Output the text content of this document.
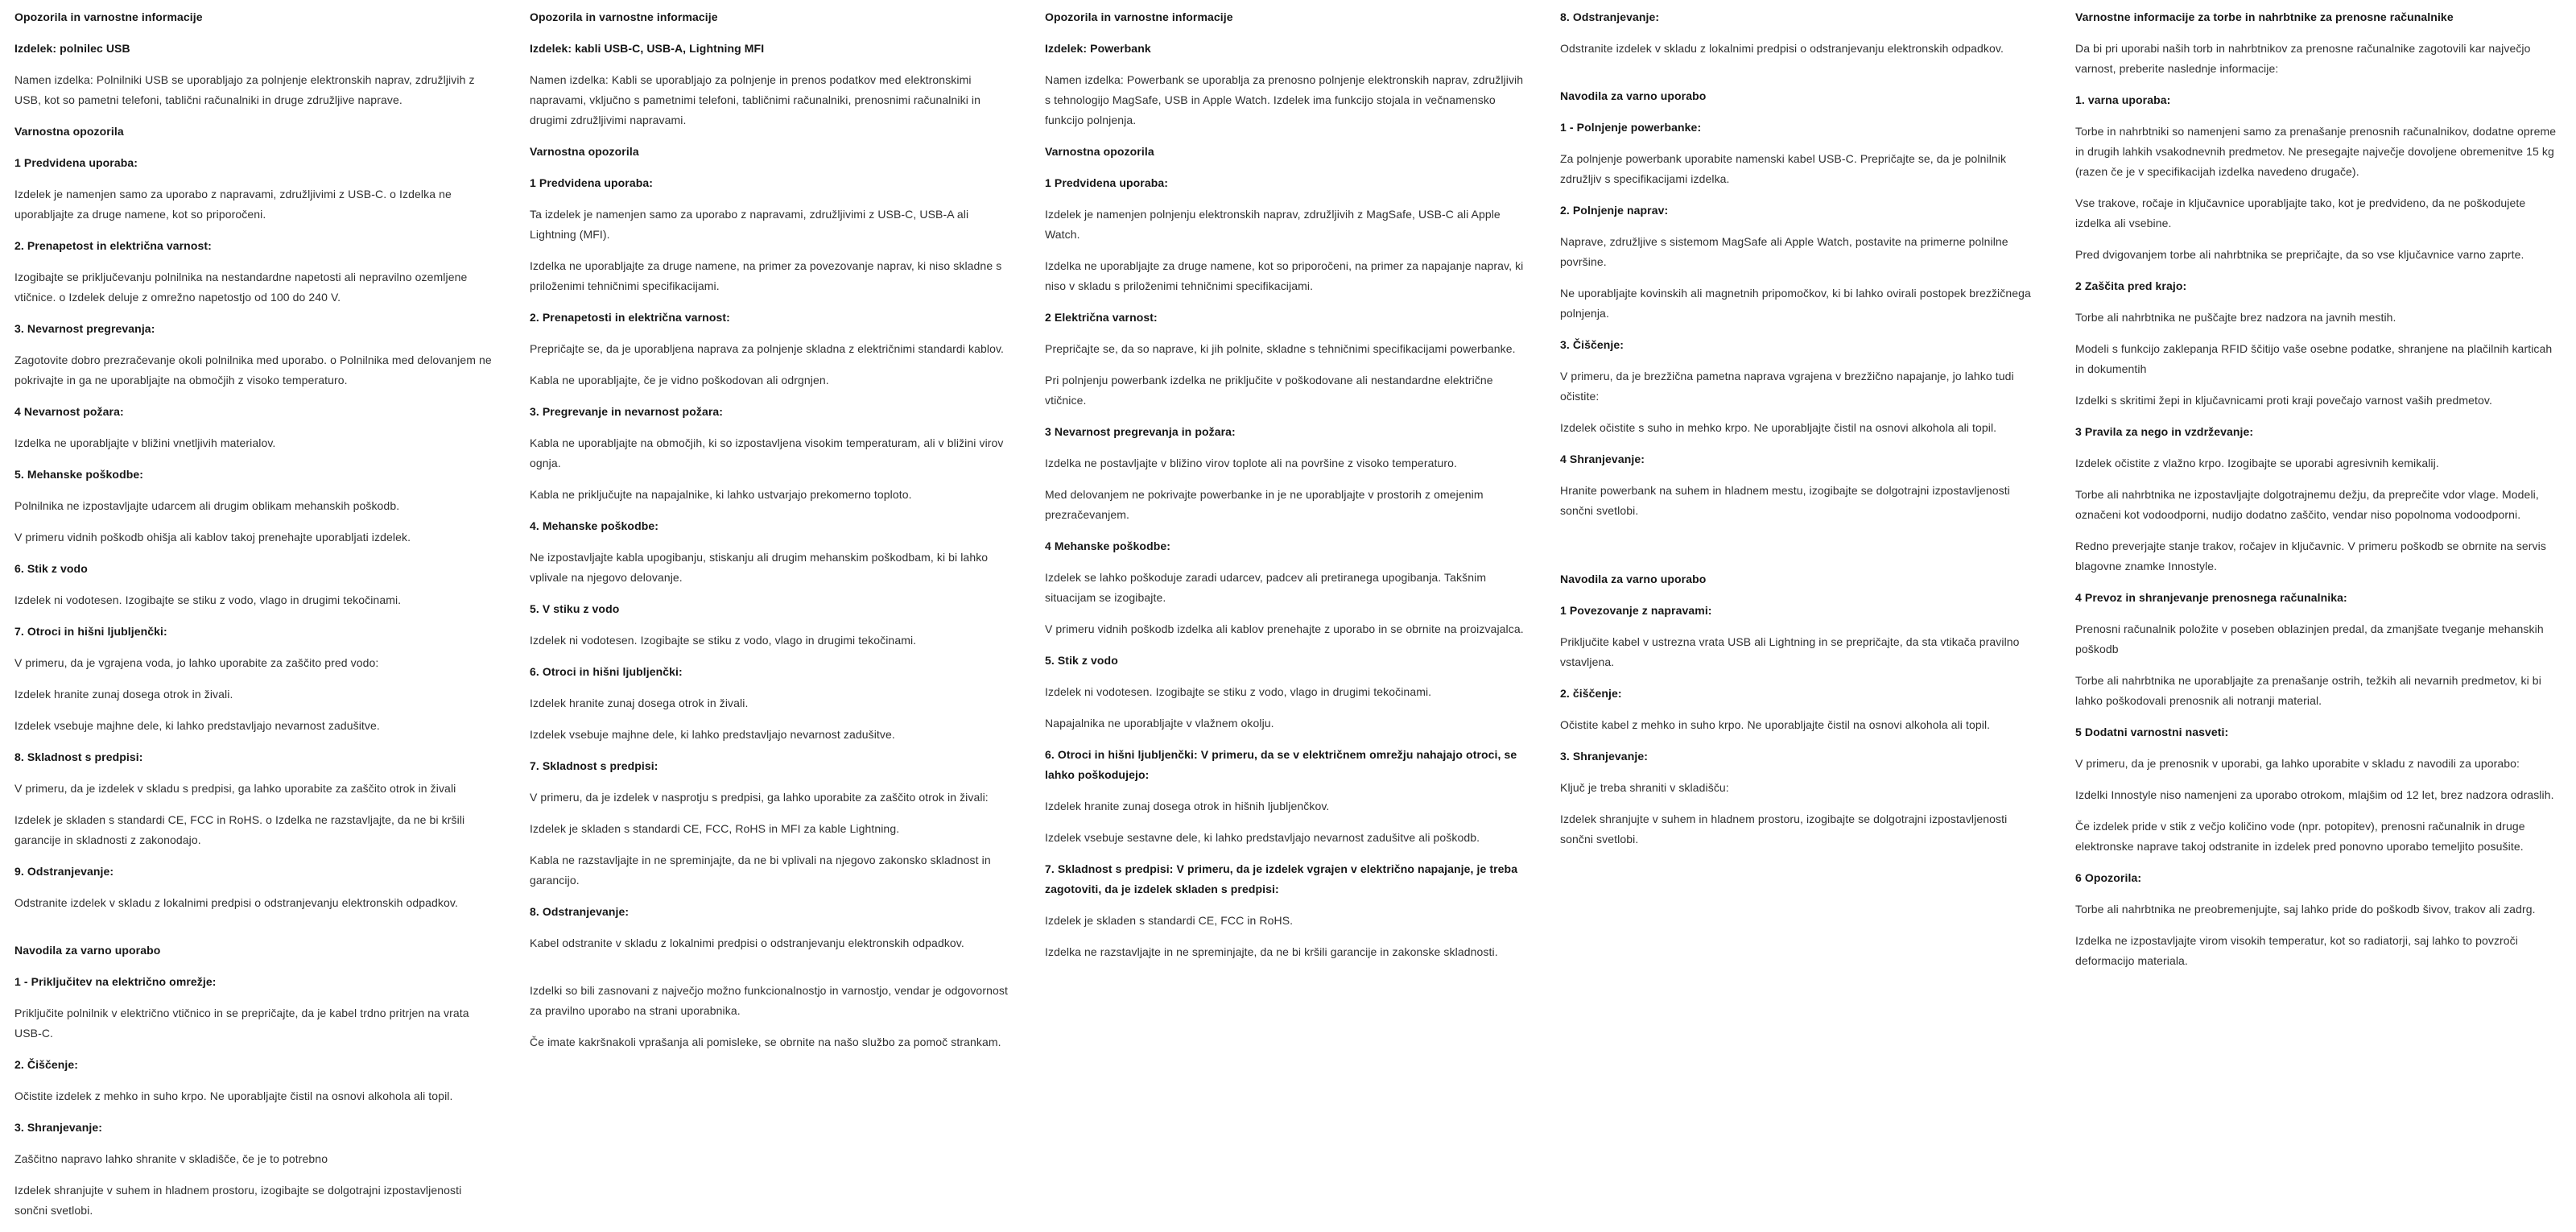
Opozorila in varnostne informacije
Izdelek: polnilec USB
Namen izdelka: Polnilniki USB se uporabljajo za polnjenje elektronskih naprav, združljivih z USB, kot so pametni telefoni, tablični računalniki in druge združljive naprave.
Varnostna opozorila
1 Predvidena uporaba:
Izdelek je namenjen samo za uporabo z napravami, združljivimi z USB-C. o Izdelka ne uporabljajte za druge namene, kot so priporočeni.
2. Prenapetost in električna varnost:
Izogibajte se priključevanju polnilnika na nestandardne napetosti ali nepravilno ozemljene vtičnice. o Izdelek deluje z omrežno napetostjo od 100 do 240 V.
3. Nevarnost pregrevanja:
Zagotovite dobro prezračevanje okoli polnilnika med uporabo. o Polnilnika med delovanjem ne pokrivajte in ga ne uporabljajte na območjih z visoko temperaturo.
4 Nevarnost požara:
Izdelka ne uporabljajte v bližini vnetljivih materialov.
5. Mehanske poškodbe:
Polnilnika ne izpostavljajte udarcem ali drugim oblikam mehanskih poškodb.
V primeru vidnih poškodb ohišja ali kablov takoj prenehajte uporabljati izdelek.
6. Stik z vodo
Izdelek ni vodotesen. Izogibajte se stiku z vodo, vlago in drugimi tekočinami.
7. Otroci in hišni ljubljenčki:
V primeru, da je vgrajena voda, jo lahko uporabite za zaščito pred vodo:
Izdelek hranite zunaj dosega otrok in živali.
Izdelek vsebuje majhne dele, ki lahko predstavljajo nevarnost zadušitve.
8. Skladnost s predpisi:
V primeru, da je izdelek v skladu s predpisi, ga lahko uporabite za zaščito otrok in živali
Izdelek je skladen s standardi CE, FCC in RoHS. o Izdelka ne razstavljajte, da ne bi kršili garancije in skladnosti z zakonodajo.
9. Odstranjevanje:
Odstranite izdelek v skladu z lokalnimi predpisi o odstranjevanju elektronskih odpadkov.
Navodila za varno uporabo
1 - Priključitev na električno omrežje:
Priključite polnilnik v električno vtičnico in se prepričajte, da je kabel trdno pritrjen na vrata USB-C.
2. Čiščenje:
Očistite izdelek z mehko in suho krpo. Ne uporabljajte čistil na osnovi alkohola ali topil.
3. Shranjevanje:
Zaščitno napravo lahko shranite v skladišče, če je to potrebno
Izdelek shranjujte v suhem in hladnem prostoru, izogibajte se dolgotrajni izpostavljenosti sončni svetlobi.
Opozorila in varnostne informacije
Izdelek: kabli USB-C, USB-A, Lightning MFI
Namen izdelka: Kabli se uporabljajo za polnjenje in prenos podatkov med elektronskimi napravami, vključno s pametnimi telefoni, tabličnimi računalniki, prenosnimi računalniki in drugimi združljivimi napravami.
Varnostna opozorila
1 Predvidena uporaba:
Ta izdelek je namenjen samo za uporabo z napravami, združljivimi z USB-C, USB-A ali Lightning (MFI).
Izdelka ne uporabljajte za druge namene, na primer za povezovanje naprav, ki niso skladne s priloženimi tehničnimi specifikacijami.
2. Prenapetosti in električna varnost:
Prepričajte se, da je uporabljena naprava za polnjenje skladna z električnimi standardi kablov.
Kabla ne uporabljajte, če je vidno poškodovan ali odrgnjen.
3. Pregrevanje in nevarnost požara:
Kabla ne uporabljajte na območjih, ki so izpostavljena visokim temperaturam, ali v bližini virov ognja.
Kabla ne priključujte na napajalnike, ki lahko ustvarjajo prekomerno toploto.
4. Mehanske poškodbe:
Ne izpostavljajte kabla upogibanju, stiskanju ali drugim mehanskim poškodbam, ki bi lahko vplivale na njegovo delovanje.
5. V stiku z vodo
Izdelek ni vodotesen. Izogibajte se stiku z vodo, vlago in drugimi tekočinami.
6. Otroci in hišni ljubljenčki:
Izdelek hranite zunaj dosega otrok in živali.
Izdelek vsebuje majhne dele, ki lahko predstavljajo nevarnost zadušitve.
7. Skladnost s predpisi:
V primeru, da je izdelek v nasprotju s predpisi, ga lahko uporabite za zaščito otrok in živali:
Izdelek je skladen s standardi CE, FCC, RoHS in MFI za kable Lightning.
Kabla ne razstavljajte in ne spreminjajte, da ne bi vplivali na njegovo zakonsko skladnost in garancijo.
8. Odstranjevanje:
Kabel odstranite v skladu z lokalnimi predpisi o odstranjevanju elektronskih odpadkov.
Izdelki so bili zasnovani z največjo možno funkcionalnostjo in varnostjo, vendar je odgovornost za pravilno uporabo na strani uporabnika.
Če imate kakršnakoli vprašanja ali pomisleke, se obrnite na našo službo za pomoč strankam.
Opozorila in varnostne informacije
Izdelek: Powerbank
Namen izdelka: Powerbank se uporablja za prenosno polnjenje elektronskih naprav, združljivih s tehnologijo MagSafe, USB in Apple Watch. Izdelek ima funkcijo stojala in večnamensko funkcijo polnjenja.
Varnostna opozorila
1 Predvidena uporaba:
Izdelek je namenjen polnjenju elektronskih naprav, združljivih z MagSafe, USB-C ali Apple Watch.
Izdelka ne uporabljajte za druge namene, kot so priporočeni, na primer za napajanje naprav, ki niso v skladu s priloženimi tehničnimi specifikacijami.
2 Električna varnost:
Prepričajte se, da so naprave, ki jih polnite, skladne s tehničnimi specifikacijami powerbanke.
Pri polnjenju powerbank izdelka ne priključite v poškodovane ali nestandardne električne vtičnice.
3 Nevarnost pregrevanja in požara:
Izdelka ne postavljajte v bližino virov toplote ali na površine z visoko temperaturo.
Med delovanjem ne pokrivajte powerbanke in je ne uporabljajte v prostorih z omejenim prezračevanjem.
4 Mehanske poškodbe:
Izdelek se lahko poškoduje zaradi udarcev, padcev ali pretiranega upogibanja. Takšnim situacijam se izogibajte.
V primeru vidnih poškodb izdelka ali kablov prenehajte z uporabo in se obrnite na proizvajalca.
5. Stik z vodo
Izdelek ni vodotesen. Izogibajte se stiku z vodo, vlago in drugimi tekočinami.
Napajalnika ne uporabljajte v vlažnem okolju.
6. Otroci in hišni ljubljenčki: V primeru, da se v električnem omrežju nahajajo otroci, se lahko poškodujejo:
Izdelek hranite zunaj dosega otrok in hišnih ljubljenčkov.
Izdelek vsebuje sestavne dele, ki lahko predstavljajo nevarnost zadušitve ali poškodb.
7. Skladnost s predpisi: V primeru, da je izdelek vgrajen v električno napajanje, je treba zagotoviti, da je izdelek skladen s predpisi:
Izdelek je skladen s standardi CE, FCC in RoHS.
Izdelka ne razstavljajte in ne spreminjajte, da ne bi kršili garancije in zakonske skladnosti.
8. Odstranjevanje:
Odstranite izdelek v skladu z lokalnimi predpisi o odstranjevanju elektronskih odpadkov.
Navodila za varno uporabo
1 - Polnjenje powerbanke:
Za polnjenje powerbank uporabite namenski kabel USB-C. Prepričajte se, da je polnilnik združljiv s specifikacijami izdelka.
2. Polnjenje naprav:
Naprave, združljive s sistemom MagSafe ali Apple Watch, postavite na primerne polnilne površine.
Ne uporabljajte kovinskih ali magnetnih pripomočkov, ki bi lahko ovirali postopek brezžičnega polnjenja.
3. Čiščenje:
V primeru, da je brezžična pametna naprava vgrajena v brezžično napajanje, jo lahko tudi očistite:
Izdelek očistite s suho in mehko krpo. Ne uporabljajte čistil na osnovi alkohola ali topil.
4 Shranjevanje:
Hranite powerbank na suhem in hladnem mestu, izogibajte se dolgotrajni izpostavljenosti sončni svetlobi.
Navodila za varno uporabo
1 Povezovanje z napravami:
Priključite kabel v ustrezna vrata USB ali Lightning in se prepričajte, da sta vtikača pravilno vstavljena.
2. čiščenje:
Očistite kabel z mehko in suho krpo. Ne uporabljajte čistil na osnovi alkohola ali topil.
3. Shranjevanje:
Ključ je treba shraniti v skladišču:
Izdelek shranjujte v suhem in hladnem prostoru, izogibajte se dolgotrajni izpostavljenosti sončni svetlobi.
Varnostne informacije za torbe in nahrbtnike za prenosne računalnike
Da bi pri uporabi naših torb in nahrbtnikov za prenosne računalnike zagotovili kar največjo varnost, preberite naslednje informacije:
1. varna uporaba:
Torbe in nahrbtniki so namenjeni samo za prenašanje prenosnih računalnikov, dodatne opreme in drugih lahkih vsakodnevnih predmetov. Ne presegajte največje dovoljene obremenitve 15 kg (razen če je v specifikacijah izdelka navedeno drugače).
Vse trakove, ročaje in ključavnice uporabljajte tako, kot je predvideno, da ne poškodujete izdelka ali vsebine.
Pred dvigovanjem torbe ali nahrbtnika se prepričajte, da so vse ključavnice varno zaprte.
2 Zaščita pred krajo:
Torbe ali nahrbtnika ne puščajte brez nadzora na javnih mestih.
Modeli s funkcijo zaklepanja RFID ščitijo vaše osebne podatke, shranjene na plačilnih karticah in dokumentih
Izdelki s skritimi žepi in ključavnicami proti kraji povečajo varnost vaših predmetov.
3 Pravila za nego in vzdrževanje:
Izdelek očistite z vlažno krpo. Izogibajte se uporabi agresivnih kemikalij.
Torbe ali nahrbtnika ne izpostavljajte dolgotrajnemu dežju, da preprečite vdor vlage. Modeli, označeni kot vodoodporni, nudijo dodatno zaščito, vendar niso popolnoma vodoodporni.
Redno preverjajte stanje trakov, ročajev in ključavnic. V primeru poškodb se obrnite na servis blagovne znamke Innostyle.
4 Prevoz in shranjevanje prenosnega računalnika:
Prenosni računalnik položite v poseben oblazinjen predal, da zmanjšate tveganje mehanskih poškodb
Torbe ali nahrbtnika ne uporabljajte za prenašanje ostrih, težkih ali nevarnih predmetov, ki bi lahko poškodovali prenosnik ali notranji material.
5 Dodatni varnostni nasveti:
V primeru, da je prenosnik v uporabi, ga lahko uporabite v skladu z navodili za uporabo:
Izdelki Innostyle niso namenjeni za uporabo otrokom, mlajšim od 12 let, brez nadzora odraslih.
Če izdelek pride v stik z večjo količino vode (npr. potopitev), prenosni računalnik in druge elektronske naprave takoj odstranite in izdelek pred ponovno uporabo temeljito posušite.
6 Opozorila:
Torbe ali nahrbtnika ne preobremenjujte, saj lahko pride do poškodb šivov, trakov ali zadrg.
Izdelka ne izpostavljajte virom visokih temperatur, kot so radiatorji, saj lahko to povzroči deformacijo materiala.
